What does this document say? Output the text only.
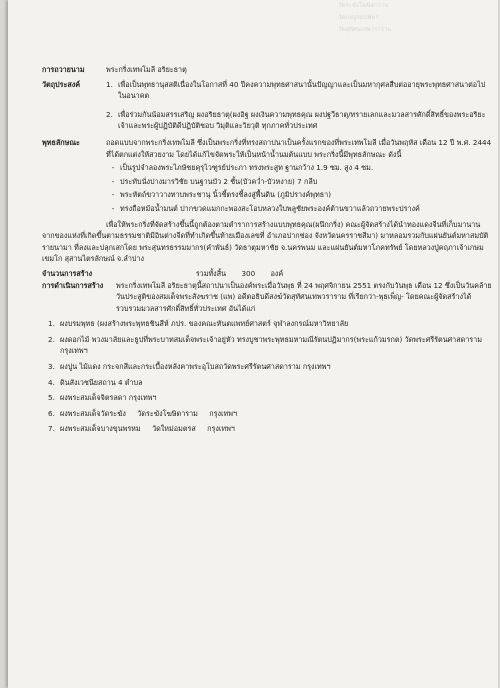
วัดระฆังโฆษิตาราม
วัดเบญจมบพิตร
วัดสุทัศนเทพวราราม
การถวายนาม	พระกริ่งเทพโมลี อริยะธาตุ
วัตถุประสงค์	1. เพื่อเป็นพุทธานุสสติเนื่องในโอกาสที่ 40 ปีคงความพุทธศาสนานั้นปัญญาและเป็นมหากุศลสืบต่ออายุพระพุทธศาสนาต่อไปในอนาคต
2. เพื่อร่วมกันน้อมสรรเสริญ ผงอริยธาตุ(ผงอิฐ ผงเงินความพุทธคุณ ผงปฐวีธาตุ/ทรายเลกและมวลสารศักดิ์สิทธิ์ของพระอริยะเจ้าและพระผู้ปฏิบัติดีปฏิบัติชอบ วิมุติและวิยวุติ ทุกภาคทั่วประเทศ
พุทธลักษณะ	ถอดแบบจากพระกริ่งเทพโมลี ซึ่งเป็นพระกริ่งที่ทรงสถาปนาเป็นครั้งแรกของที่พระเทพโมลี เมื่อวันพฤหัส เดือน 12 ปี พ.ศ. 2444 ที่ได้ตกแต่งให้สวยงาม โดยได้แก้ไขจัดพระให้เป็นหน้าน้ำนมต้นแบบ พระกริ่งนี้มีพุทธลักษณะ ดังนี้

- เป็นรูปจำลองพระไภษัชยคุรุไวฑูรย์ประภา ทรงพระสูท ฐานกว้าง 1.9 ซม. สูง 4 ซม.
- ประทับนั่งปางมารวิชัย บนฐานบัว 2 ชั้น(บัวคว่ำ-บัวหงาย) 7 กลีบ
- พระหัตถ์ขวาวางทาบพระชานุ นิ้วชี้ตรงชี้ลงสู่พื้นดิน (ภูมิปรางค์พุทธา)
- ทรงถือหม้อน้ำมนต์ ปากขวดแมกกะพองสะโอบหลวงใบพลูชัยพระองค์ต้านขวาแล้วถวายพระปรางค์

เพื่อให้พระกริ่งที่จัดสร้างขึ้นนี้ถูกต้องตามตำราการสร้างแบบพุทธคุณ(ผนึกกริ่ง) คณะผู้จัดสร้างได้นำทองแดงจีนที่เก็บมานานจากของแห่งที่เกิดขึ้นตามธรรมชาติมีอินต่างจีดที่ทำเกิดขึ้นท้ายเมืองเลขที่ อำเภอปากช่อง จังหวัดนครราชสีมา) มาหลอมรวมกับแผ่นยันต์มหาสมบัติรายนามา ที่ลงและปลุกเสกโดย พระสุนทรธรรมมากร(คำพันธ์) วัดธาตุมหาชัย จ.นครพนม และแผ่นยันต์มหาโภคทรัพย์ โดยหลวงปู่คฤภาเจ้าเกษม เขมโก สุสานไตรลักษณ์ จ.ลำปาง

จำนวนการสร้าง	รวมทั้งสิ้น 300 องค์
การดำเนินการสร้าง	พระกริ่งเทพโมลี อริยะธาตุนี้สถาปนาเป็นองค์พระเมื่อวันพุธ ที่ 24 พฤศจิกายน 2551 ตรงกับวันพุธ เดือน 12 ซึ่งเป็นวันคล้ายวันประสูติของสมเด็จพระสังฆราช (แพ) อดีตอธิบดีสงฆ์วัดสุทัศนเทพวราราม ที่เรียกว่า-พุธเพ็ญ- โดยคณะผู้จัดสร้างได้รวบรวมมวลสารศักดิ์สิทธิ์ทั่วประเทศ อันได้แก่

1. ผงบรมพุทธ (ผงสร้างพระพุทธชินสีห์ ภปร. ของคณะทันตแพทย์ศาสตร์ จุฬาลงกรณ์มหาวิทยาลัย
2. ผงดอกไม้ พวงมาลัยและธูปที่พระบาทสมเด็จพระเจ้าอยู่หัว ทรงบูชาพระพุทธมหามณีรัตนปฏิมากร(พระแก้วมรกต) วัดพระศรีรัตนศาสดาราม กรุงเทพฯ
3. ผงปูน ไม้แดง กระจกสีและกระเบื้องหลังคาพระอุโบสถวัดพระศรีรัตนศาสดาราม กรุงเทพฯ
4. ดินสังเวชนียสถาน 4 ตำบล
5. ผงพระสมเด็จจิตรลดา กรุงเทพฯ
6. ผงพระสมเด็จวัดระฆัง     วัดระฆังโฆษิตาราม     กรุงเทพฯ
7. ผงพระสมเด็จบางขุนพรหม     วัดใหม่อมตรส     กรุงเทพฯ
